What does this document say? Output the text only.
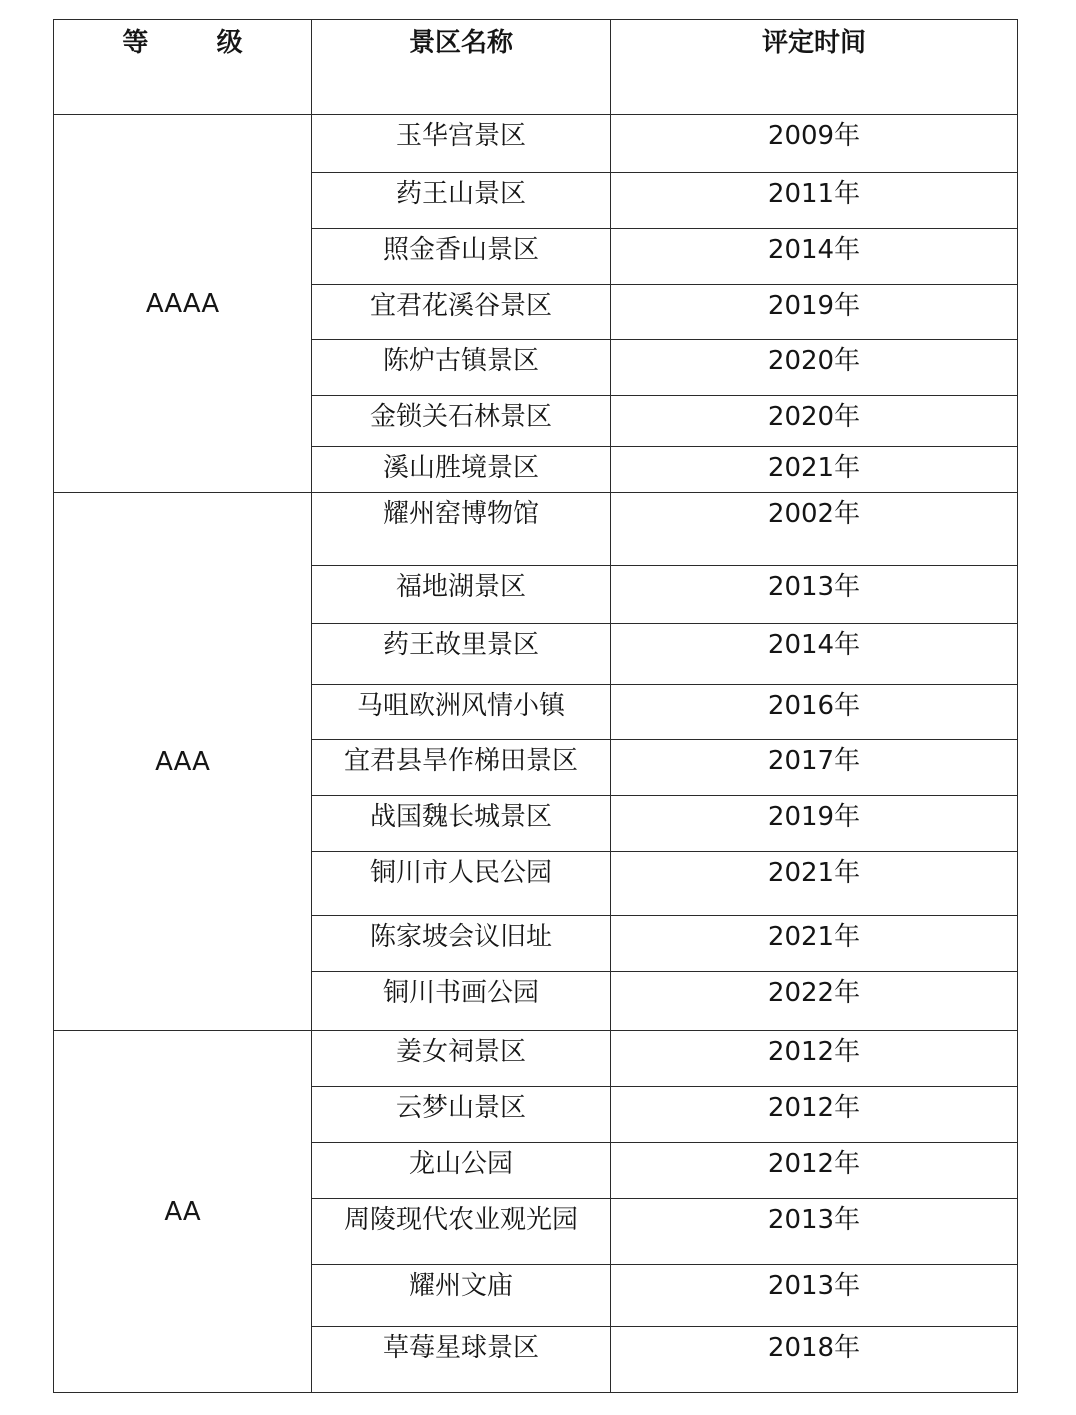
等 级	景区名称	评定时间
AAAA	玉华宫景区	2009年
	药王山景区	2011年
	照金香山景区	2014年
	宜君花溪谷景区	2019年
	陈炉古镇景区	2020年
	金锁关石林景区	2020年
	溪山胜境景区	2021年
AAA	耀州窑博物馆	2002年
	福地湖景区	2013年
	药王故里景区	2014年
	马咀欧洲风情小镇	2016年
	宜君县旱作梯田景区	2017年
	战国魏长城景区	2019年
	铜川市人民公园	2021年
	陈家坡会议旧址	2021年
	铜川书画公园	2022年
AA	姜女祠景区	2012年
	云梦山景区	2012年
	龙山公园	2012年
	周陵现代农业观光园	2013年
	耀州文庙	2013年
	草莓星球景区	2018年
